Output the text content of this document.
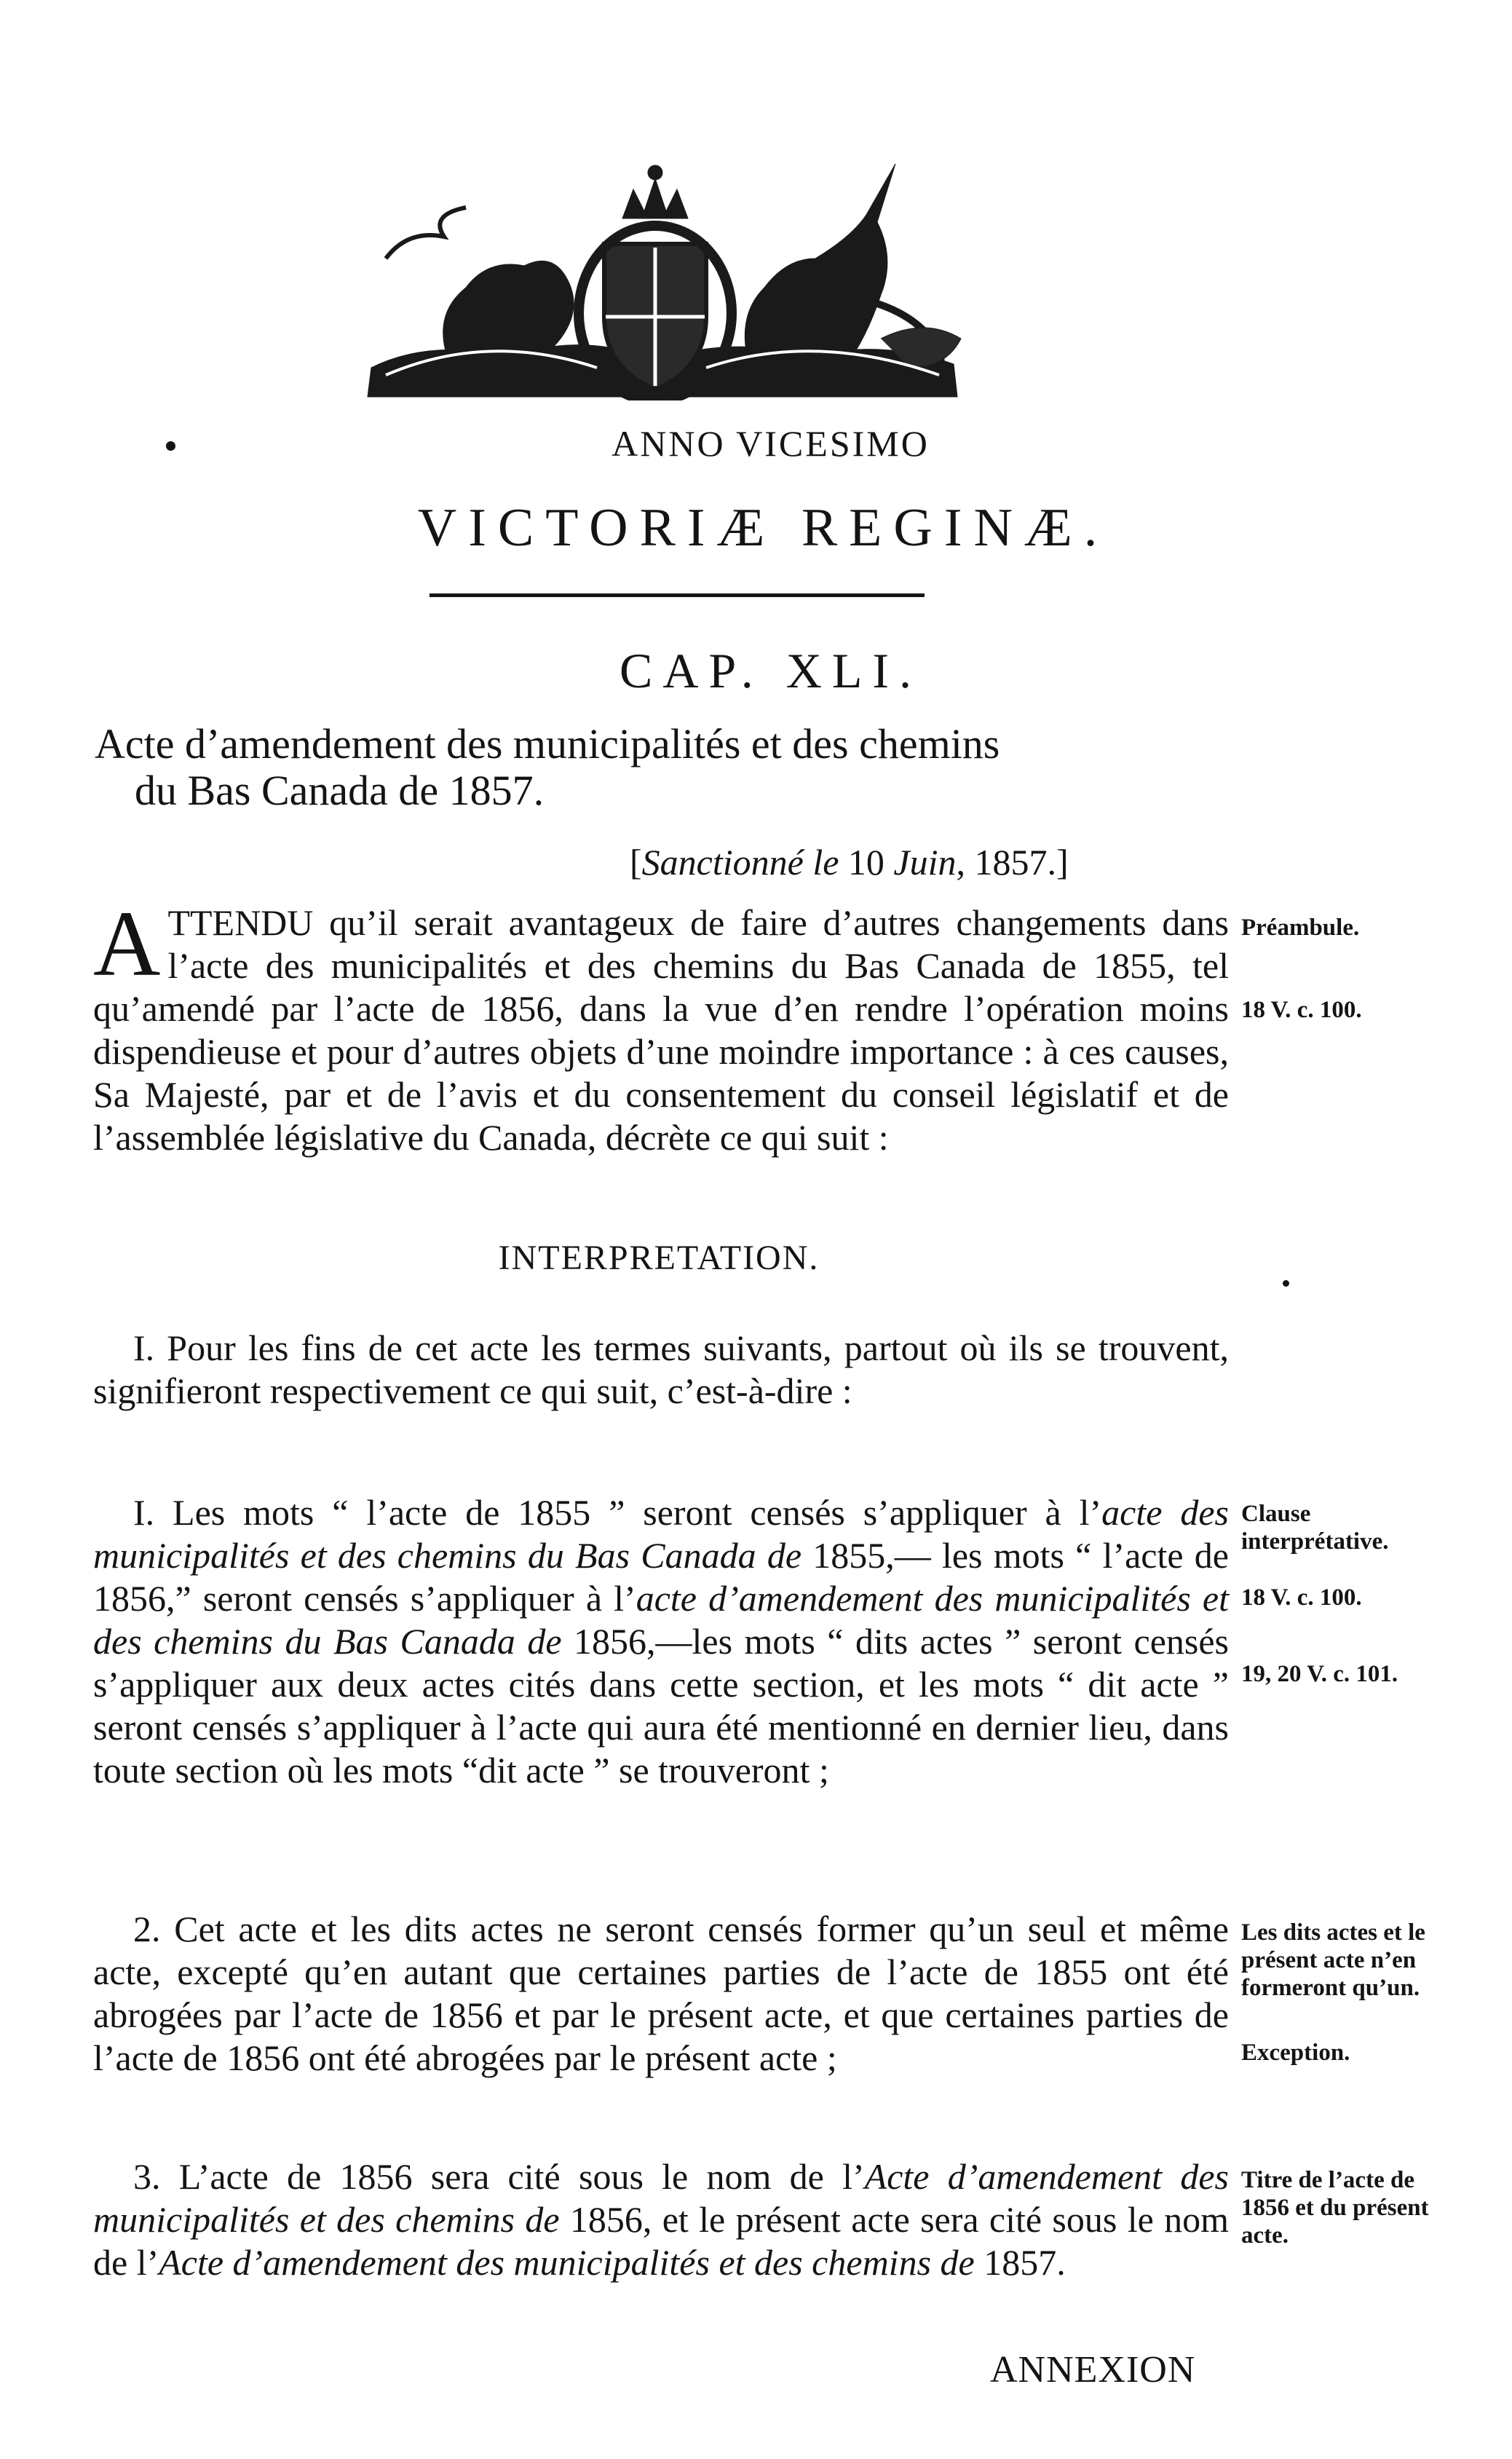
ANNO VICESIMO
VICTORIÆ REGINÆ.
CAP. XLI.
Acte d’amendement des municipalités et des chemins
du Bas Canada de 1857.
[Sanctionné le 10 Juin, 1857.]

ATTENDU qu’il serait avantageux de faire d’autres changements dans l’acte des municipalités et des chemins du Bas Canada de 1855, tel qu’amendé par l’acte de 1856, dans la vue d’en rendre l’opération moins dispendieuse et pour d’autres objets d’une moindre importance : à ces causes, Sa Majesté, par et de l’avis et du consentement du conseil législatif et de l’assemblée législative du Canada, décrète ce qui suit :

INTERPRETATION.

I. Pour les fins de cet acte les termes suivants, partout où ils se trouvent, signifieront respectivement ce qui suit, c’est-à-dire :

I. Les mots “ l’acte de 1855 ” seront censés s’appliquer à l’acte des municipalités et des chemins du Bas Canada de 1855,— les mots “ l’acte de 1856,” seront censés s’appliquer à l’acte d’amendement des municipalités et des chemins du Bas Canada de 1856,—les mots “ dits actes ” seront censés s’appliquer aux deux actes cités dans cette section, et les mots “ dit acte ” seront censés s’appliquer à l’acte qui aura été mentionné en dernier lieu, dans toute section où les mots “dit acte ” se trouveront ;

2. Cet acte et les dits actes ne seront censés former qu’un seul et même acte, excepté qu’en autant que certaines parties de l’acte de 1855 ont été abrogées par l’acte de 1856 et par le présent acte, et que certaines parties de l’acte de 1856 ont été abrogées par le présent acte ;

3. L’acte de 1856 sera cité sous le nom de l’Acte d’amendement des municipalités et des chemins de 1856, et le présent acte sera cité sous le nom de l’Acte d’amendement des municipalités et des chemins de 1857.

Préambule.
18 V. c. 100.
Clause interprétative.
18 V. c. 100.
19, 20 V. c. 101.
Les dits actes et le présent acte n’en formeront qu’un.
Exception.
Titre de l’acte de 1856 et du présent acte.
ANNEXION
